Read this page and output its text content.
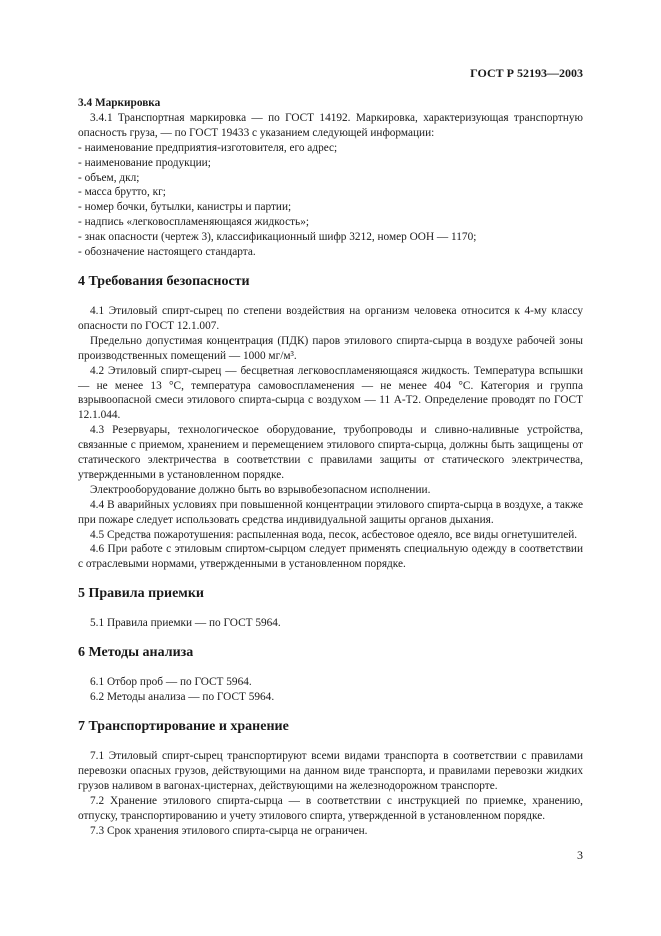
ГОСТ Р 52193—2003

3.4 Маркировка

3.4.1 Транспортная маркировка — по ГОСТ 14192. Маркировка, характеризующая транспортную опасность груза, — по ГОСТ 19433 с указанием следующей информации:

- наименование предприятия-изготовителя, его адрес;
- наименование продукции;
- объем, дкл;
- масса брутто, кг;
- номер бочки, бутылки, канистры и партии;
- надпись «легковоспламеняющаяся жидкость»;
- знак опасности (чертеж 3), классификационный шифр 3212, номер ООН — 1170;
- обозначение настоящего стандарта.
4 Требования безопасности

4.1 Этиловый спирт-сырец по степени воздействия на организм человека относится к 4-му классу опасности по ГОСТ 12.1.007.

Предельно допустимая концентрация (ПДК) паров этилового спирта-сырца в воздухе рабочей зоны производственных помещений — 1000 мг/м³.

4.2 Этиловый спирт-сырец — бесцветная легковоспламеняющаяся жидкость. Температура вспышки — не менее 13 °С, температура самовоспламенения — не менее 404 °С. Категория и группа взрывоопасной смеси этилового спирта-сырца с воздухом — 11 А-Т2. Определение проводят по ГОСТ 12.1.044.

4.3 Резервуары, технологическое оборудование, трубопроводы и сливно-наливные устройства, связанные с приемом, хранением и перемещением этилового спирта-сырца, должны быть защищены от статического электричества в соответствии с правилами защиты от статического электричества, утвержденными в установленном порядке.

Электрооборудование должно быть во взрывобезопасном исполнении.

4.4 В аварийных условиях при повышенной концентрации этилового спирта-сырца в воздухе, а также при пожаре следует использовать средства индивидуальной защиты органов дыхания.

4.5 Средства пожаротушения: распыленная вода, песок, асбестовое одеяло, все виды огнетушителей.

4.6 При работе с этиловым спиртом-сырцом следует применять специальную одежду в соответствии с отраслевыми нормами, утвержденными в установленном порядке.

5 Правила приемки

5.1 Правила приемки — по ГОСТ 5964.

6 Методы анализа

6.1 Отбор проб — по ГОСТ 5964.

6.2 Методы анализа — по ГОСТ 5964.

7 Транспортирование и хранение

7.1 Этиловый спирт-сырец транспортируют всеми видами транспорта в соответствии с правилами перевозки опасных грузов, действующими на данном виде транспорта, и правилами перевозки жидких грузов наливом в вагонах-цистернах, действующими на железнодорожном транспорте.

7.2 Хранение этилового спирта-сырца — в соответствии с инструкцией по приемке, хранению, отпуску, транспортированию и учету этилового спирта, утвержденной в установленном порядке.

7.3 Срок хранения этилового спирта-сырца не ограничен.

3
